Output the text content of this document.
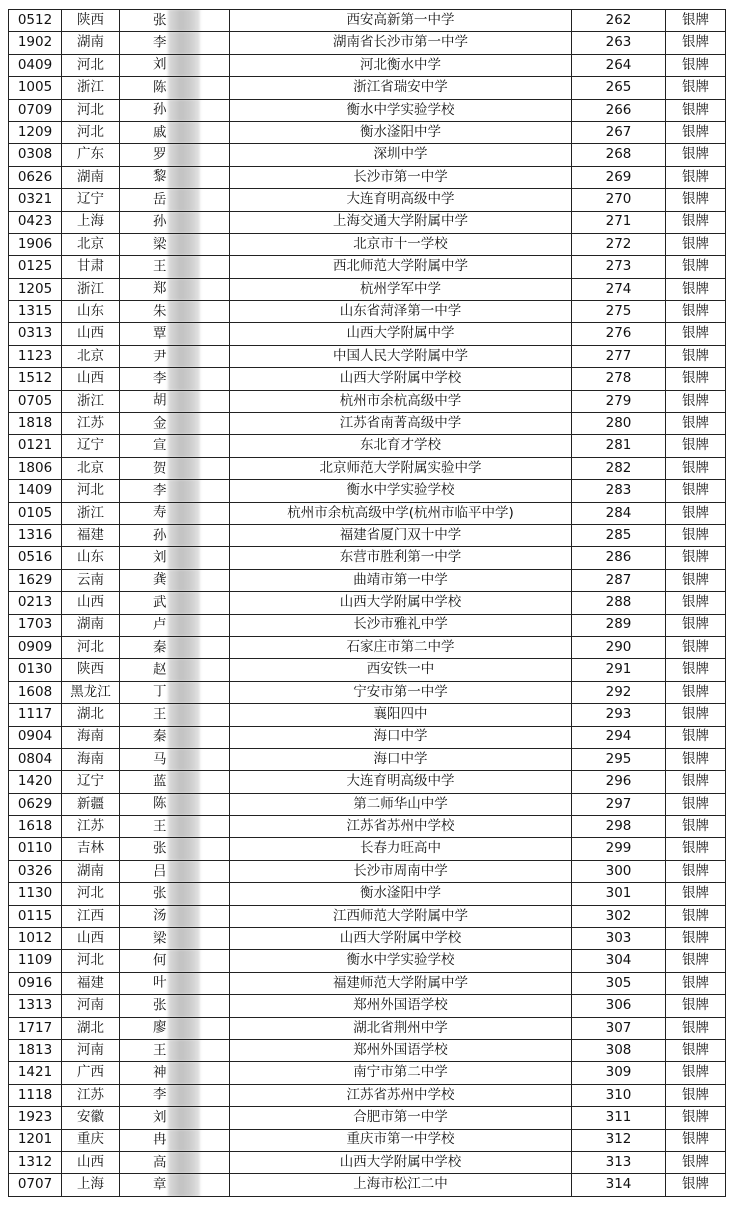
0512	陕西	张	西安高新第一中学	262	银牌
1902	湖南	李	湖南省长沙市第一中学	263	银牌
0409	河北	刘	河北衡水中学	264	银牌
1005	浙江	陈	浙江省瑞安中学	265	银牌
0709	河北	孙	衡水中学实验学校	266	银牌
1209	河北	戚	衡水滏阳中学	267	银牌
0308	广东	罗	深圳中学	268	银牌
0626	湖南	黎	长沙市第一中学	269	银牌
0321	辽宁	岳	大连育明高级中学	270	银牌
0423	上海	孙	上海交通大学附属中学	271	银牌
1906	北京	梁	北京市十一学校	272	银牌
0125	甘肃	王	西北师范大学附属中学	273	银牌
1205	浙江	郑	杭州学军中学	274	银牌
1315	山东	朱	山东省菏泽第一中学	275	银牌
0313	山西	覃	山西大学附属中学	276	银牌
1123	北京	尹	中国人民大学附属中学	277	银牌
1512	山西	李	山西大学附属中学校	278	银牌
0705	浙江	胡	杭州市余杭高级中学	279	银牌
1818	江苏	金	江苏省南菁高级中学	280	银牌
0121	辽宁	宣	东北育才学校	281	银牌
1806	北京	贺	北京师范大学附属实验中学	282	银牌
1409	河北	李	衡水中学实验学校	283	银牌
0105	浙江	寿	杭州市余杭高级中学(杭州市临平中学)	284	银牌
1316	福建	孙	福建省厦门双十中学	285	银牌
0516	山东	刘	东营市胜利第一中学	286	银牌
1629	云南	龚	曲靖市第一中学	287	银牌
0213	山西	武	山西大学附属中学校	288	银牌
1703	湖南	卢	长沙市雅礼中学	289	银牌
0909	河北	秦	石家庄市第二中学	290	银牌
0130	陕西	赵	西安铁一中	291	银牌
1608	黑龙江	丁	宁安市第一中学	292	银牌
1117	湖北	王	襄阳四中	293	银牌
0904	海南	秦	海口中学	294	银牌
0804	海南	马	海口中学	295	银牌
1420	辽宁	蓝	大连育明高级中学	296	银牌
0629	新疆	陈	第二师华山中学	297	银牌
1618	江苏	王	江苏省苏州中学校	298	银牌
0110	吉林	张	长春力旺高中	299	银牌
0326	湖南	吕	长沙市周南中学	300	银牌
1130	河北	张	衡水滏阳中学	301	银牌
0115	江西	汤	江西师范大学附属中学	302	银牌
1012	山西	梁	山西大学附属中学校	303	银牌
1109	河北	何	衡水中学实验学校	304	银牌
0916	福建	叶	福建师范大学附属中学	305	银牌
1313	河南	张	郑州外国语学校	306	银牌
1717	湖北	廖	湖北省荆州中学	307	银牌
1813	河南	王	郑州外国语学校	308	银牌
1421	广西	神	南宁市第二中学	309	银牌
1118	江苏	李	江苏省苏州中学校	310	银牌
1923	安徽	刘	合肥市第一中学	311	银牌
1201	重庆	冉	重庆市第一中学校	312	银牌
1312	山西	高	山西大学附属中学校	313	银牌
0707	上海	章	上海市松江二中	314	银牌
